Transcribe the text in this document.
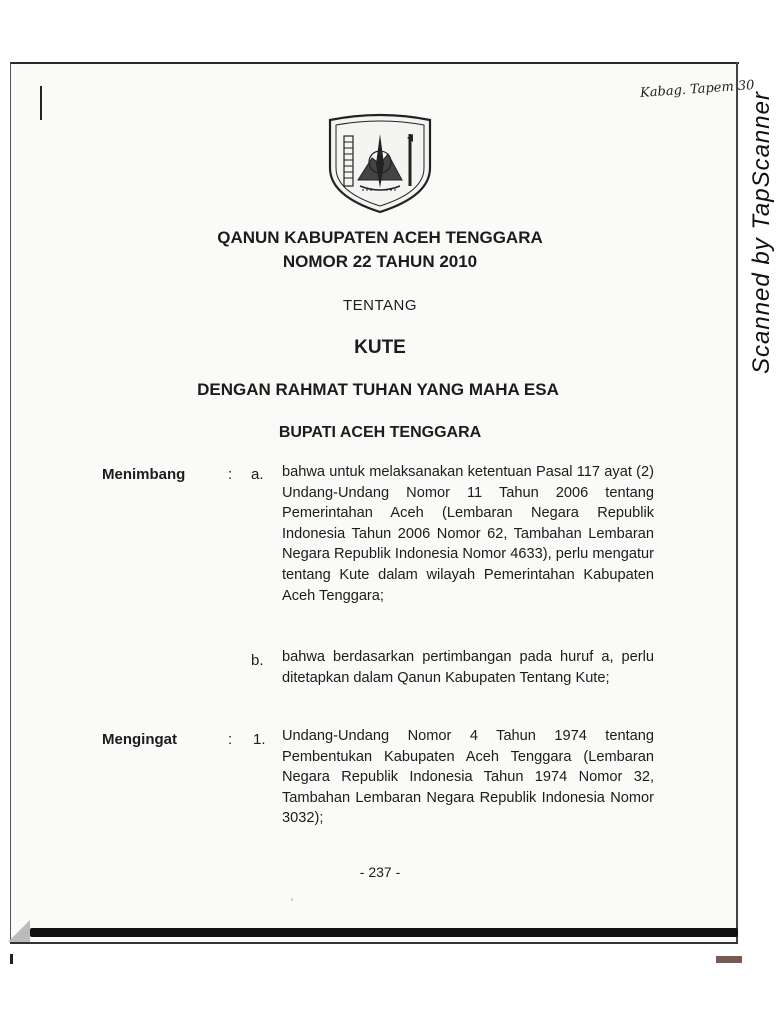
Scanned by TapScanner
Kabag. Tapem 30
QANUN KABUPATEN ACEH TENGGARA
NOMOR 22 TAHUN 2010
TENTANG
KUTE
DENGAN RAHMAT TUHAN YANG MAHA ESA
BUPATI ACEH TENGGARA
Menimbang	: a. bahwa untuk melaksanakan ketentuan Pasal 117 ayat (2) Undang-Undang Nomor 11 Tahun 2006 tentang Pemerintahan Aceh (Lembaran Negara Republik Indonesia Tahun 2006 Nomor 62, Tambahan Lembaran Negara Republik Indonesia Nomor 4633), perlu mengatur tentang Kute dalam wilayah Pemerintahan Kabupaten Aceh Tenggara;
b. bahwa berdasarkan pertimbangan pada huruf a, perlu ditetapkan dalam Qanun Kabupaten Tentang Kute;
Mengingat	: 1. Undang-Undang Nomor 4 Tahun 1974 tentang Pembentukan Kabupaten Aceh Tenggara (Lembaran Negara Republik Indonesia Tahun 1974 Nomor 32, Tambahan Lembaran Negara Republik Indonesia Nomor 3032);
- 237 -
ʾ
